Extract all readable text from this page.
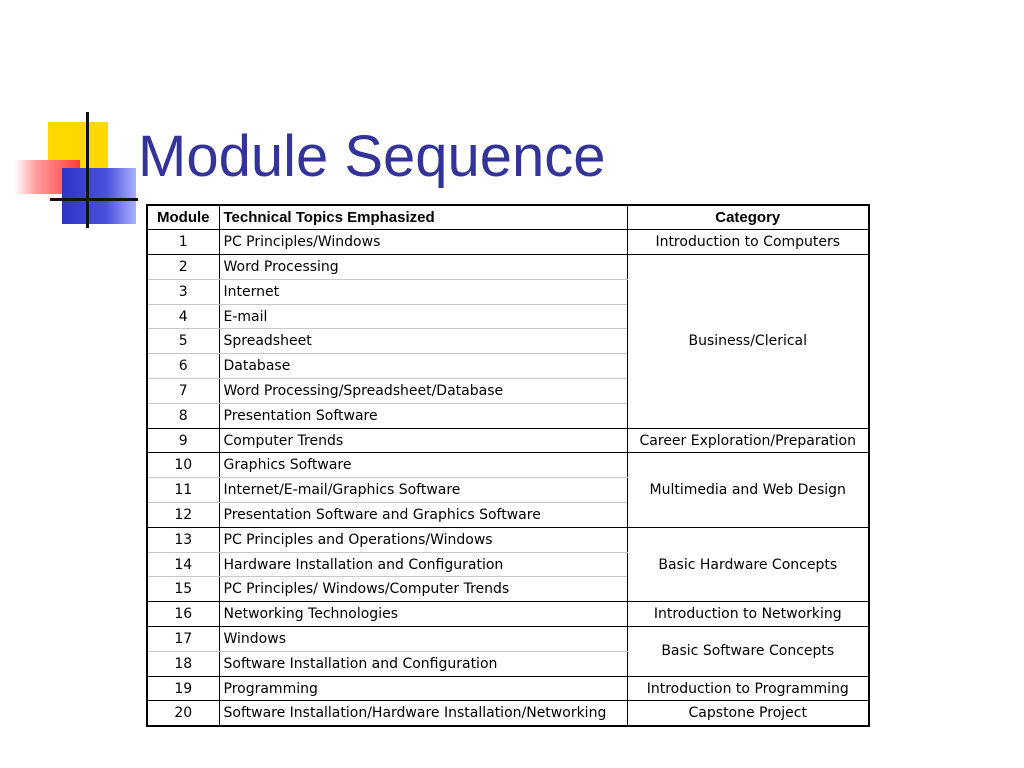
Module Sequence
Module	Technical Topics Emphasized	Category
1	PC Principles/Windows	Introduction to Computers
2	Word Processing	Business/Clerical
3	Internet	
4	E-mail	
5	Spreadsheet	
6	Database	
7	Word Processing/Spreadsheet/Database	
8	Presentation Software	
9	Computer Trends	Career Exploration/Preparation
10	Graphics Software	Multimedia and Web Design
11	Internet/E-mail/Graphics Software	
12	Presentation Software and Graphics Software	
13	PC Principles and Operations/Windows	Basic Hardware Concepts
14	Hardware Installation and Configuration	
15	PC Principles/ Windows/Computer Trends	
16	Networking Technologies	Introduction to Networking
17	Windows	Basic Software Concepts
18	Software Installation and Configuration	
19	Programming	Introduction to Programming
20	Software Installation/Hardware Installation/Networking	Capstone Project
